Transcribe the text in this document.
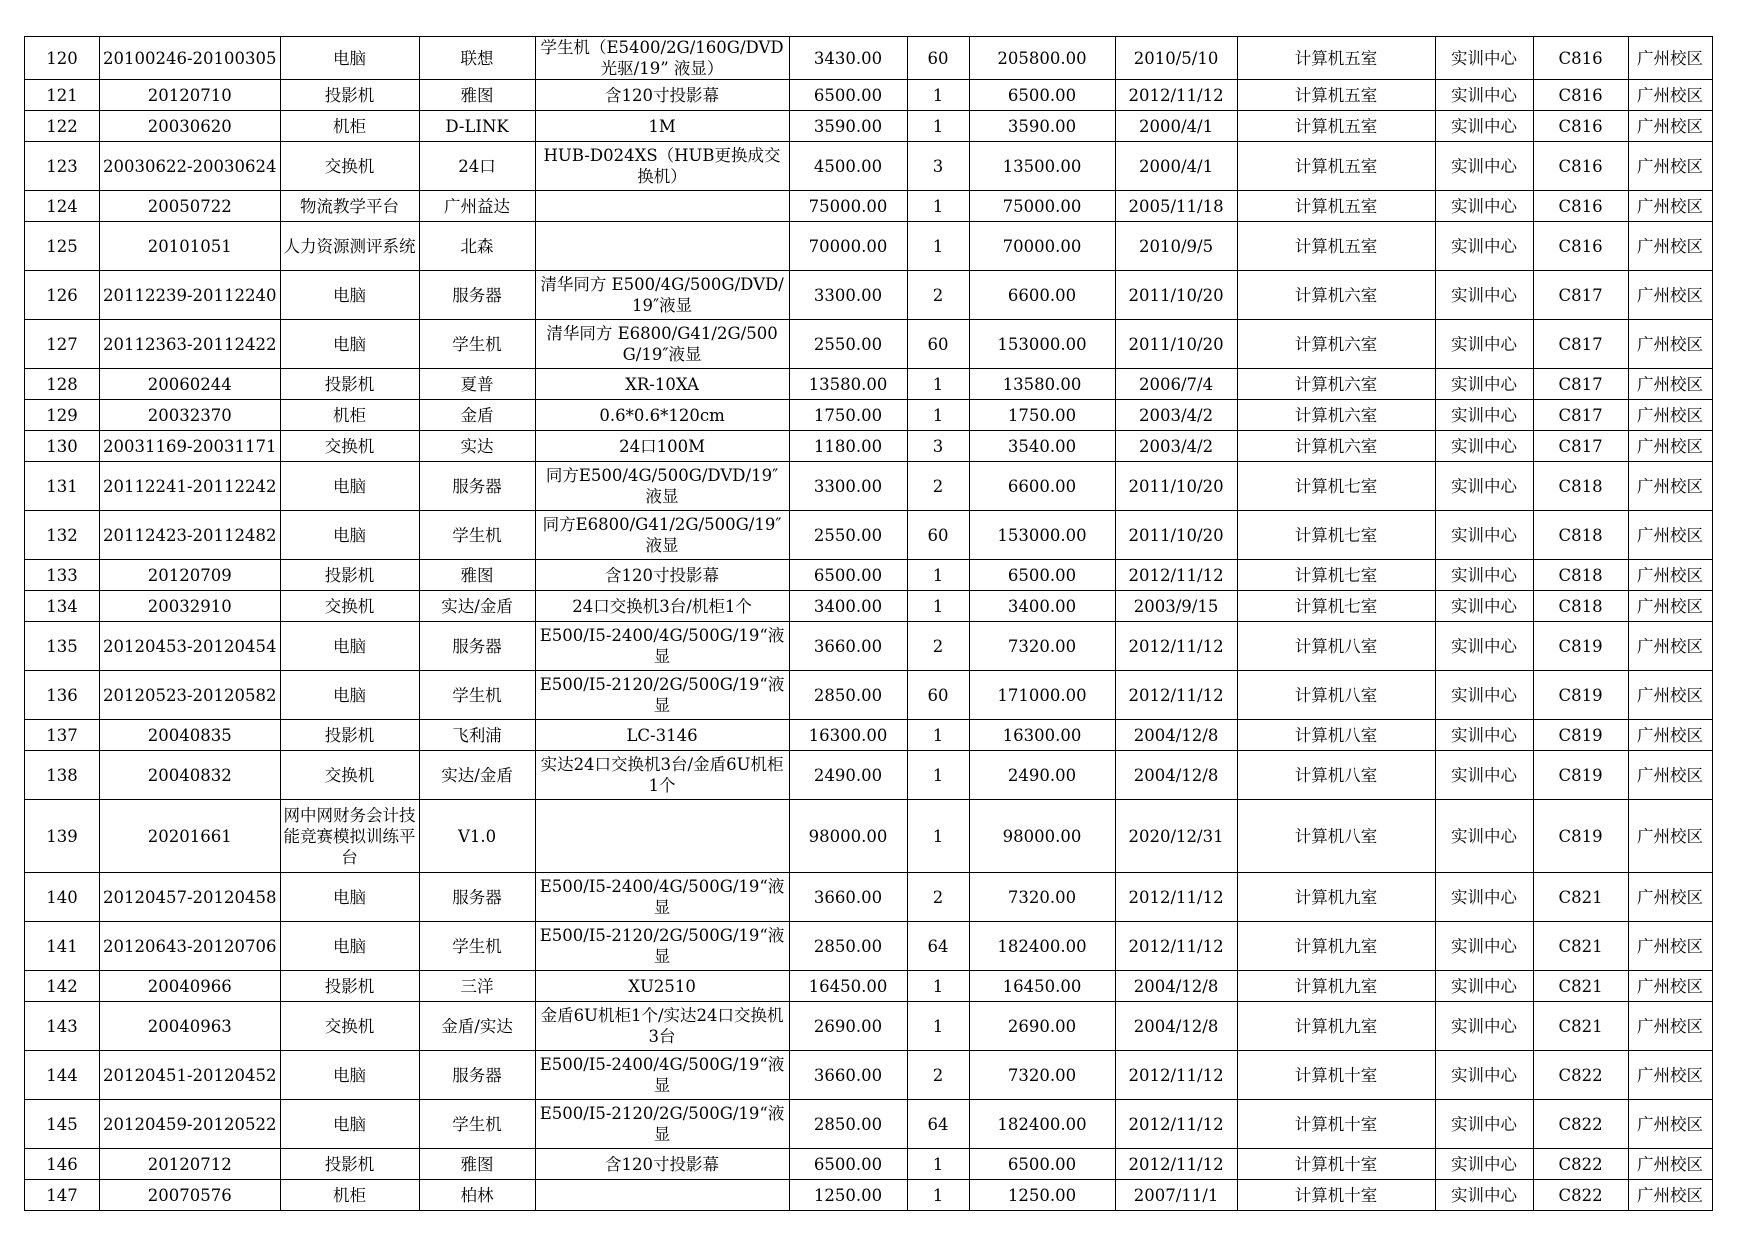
120	20100246-20100305	电脑	联想	学生机（E5400/2G/160G/DVD光驱/19” 液显）	3430.00	60	205800.00	2010/5/10	计算机五室	实训中心	C816	广州校区
121	20120710	投影机	雅图	含120寸投影幕	6500.00	1	6500.00	2012/11/12	计算机五室	实训中心	C816	广州校区
122	20030620	机柜	D-LINK	1M	3590.00	1	3590.00	2000/4/1	计算机五室	实训中心	C816	广州校区
123	20030622-20030624	交换机	24口	HUB-D024XS（HUB更换成交换机）	4500.00	3	13500.00	2000/4/1	计算机五室	实训中心	C816	广州校区
124	20050722	物流教学平台	广州益达		75000.00	1	75000.00	2005/11/18	计算机五室	实训中心	C816	广州校区
125	20101051	人力资源测评系统	北森		70000.00	1	70000.00	2010/9/5	计算机五室	实训中心	C816	广州校区
126	20112239-20112240	电脑	服务器	清华同方 E500/4G/500G/DVD/19″液显	3300.00	2	6600.00	2011/10/20	计算机六室	实训中心	C817	广州校区
127	20112363-20112422	电脑	学生机	清华同方 E6800/G41/2G/500G/19″液显	2550.00	60	153000.00	2011/10/20	计算机六室	实训中心	C817	广州校区
128	20060244	投影机	夏普	XR-10XA	13580.00	1	13580.00	2006/7/4	计算机六室	实训中心	C817	广州校区
129	20032370	机柜	金盾	0.6*0.6*120cm	1750.00	1	1750.00	2003/4/2	计算机六室	实训中心	C817	广州校区
130	20031169-20031171	交换机	实达	24口100M	1180.00	3	3540.00	2003/4/2	计算机六室	实训中心	C817	广州校区
131	20112241-20112242	电脑	服务器	同方E500/4G/500G/DVD/19″液显	3300.00	2	6600.00	2011/10/20	计算机七室	实训中心	C818	广州校区
132	20112423-20112482	电脑	学生机	同方E6800/G41/2G/500G/19″液显	2550.00	60	153000.00	2011/10/20	计算机七室	实训中心	C818	广州校区
133	20120709	投影机	雅图	含120寸投影幕	6500.00	1	6500.00	2012/11/12	计算机七室	实训中心	C818	广州校区
134	20032910	交换机	实达/金盾	24口交换机3台/机柜1个	3400.00	1	3400.00	2003/9/15	计算机七室	实训中心	C818	广州校区
135	20120453-20120454	电脑	服务器	E500/I5-2400/4G/500G/19“液显	3660.00	2	7320.00	2012/11/12	计算机八室	实训中心	C819	广州校区
136	20120523-20120582	电脑	学生机	E500/I5-2120/2G/500G/19“液显	2850.00	60	171000.00	2012/11/12	计算机八室	实训中心	C819	广州校区
137	20040835	投影机	飞利浦	LC-3146	16300.00	1	16300.00	2004/12/8	计算机八室	实训中心	C819	广州校区
138	20040832	交换机	实达/金盾	实达24口交换机3台/金盾6U机柜1个	2490.00	1	2490.00	2004/12/8	计算机八室	实训中心	C819	广州校区
139	20201661	网中网财务会计技能竞赛模拟训练平台	V1.0		98000.00	1	98000.00	2020/12/31	计算机八室	实训中心	C819	广州校区
140	20120457-20120458	电脑	服务器	E500/I5-2400/4G/500G/19“液显	3660.00	2	7320.00	2012/11/12	计算机九室	实训中心	C821	广州校区
141	20120643-20120706	电脑	学生机	E500/I5-2120/2G/500G/19“液显	2850.00	64	182400.00	2012/11/12	计算机九室	实训中心	C821	广州校区
142	20040966	投影机	三洋	XU2510	16450.00	1	16450.00	2004/12/8	计算机九室	实训中心	C821	广州校区
143	20040963	交换机	金盾/实达	金盾6U机柜1个/实达24口交换机3台	2690.00	1	2690.00	2004/12/8	计算机九室	实训中心	C821	广州校区
144	20120451-20120452	电脑	服务器	E500/I5-2400/4G/500G/19“液显	3660.00	2	7320.00	2012/11/12	计算机十室	实训中心	C822	广州校区
145	20120459-20120522	电脑	学生机	E500/I5-2120/2G/500G/19“液显	2850.00	64	182400.00	2012/11/12	计算机十室	实训中心	C822	广州校区
146	20120712	投影机	雅图	含120寸投影幕	6500.00	1	6500.00	2012/11/12	计算机十室	实训中心	C822	广州校区
147	20070576	机柜	柏林		1250.00	1	1250.00	2007/11/1	计算机十室	实训中心	C822	广州校区
